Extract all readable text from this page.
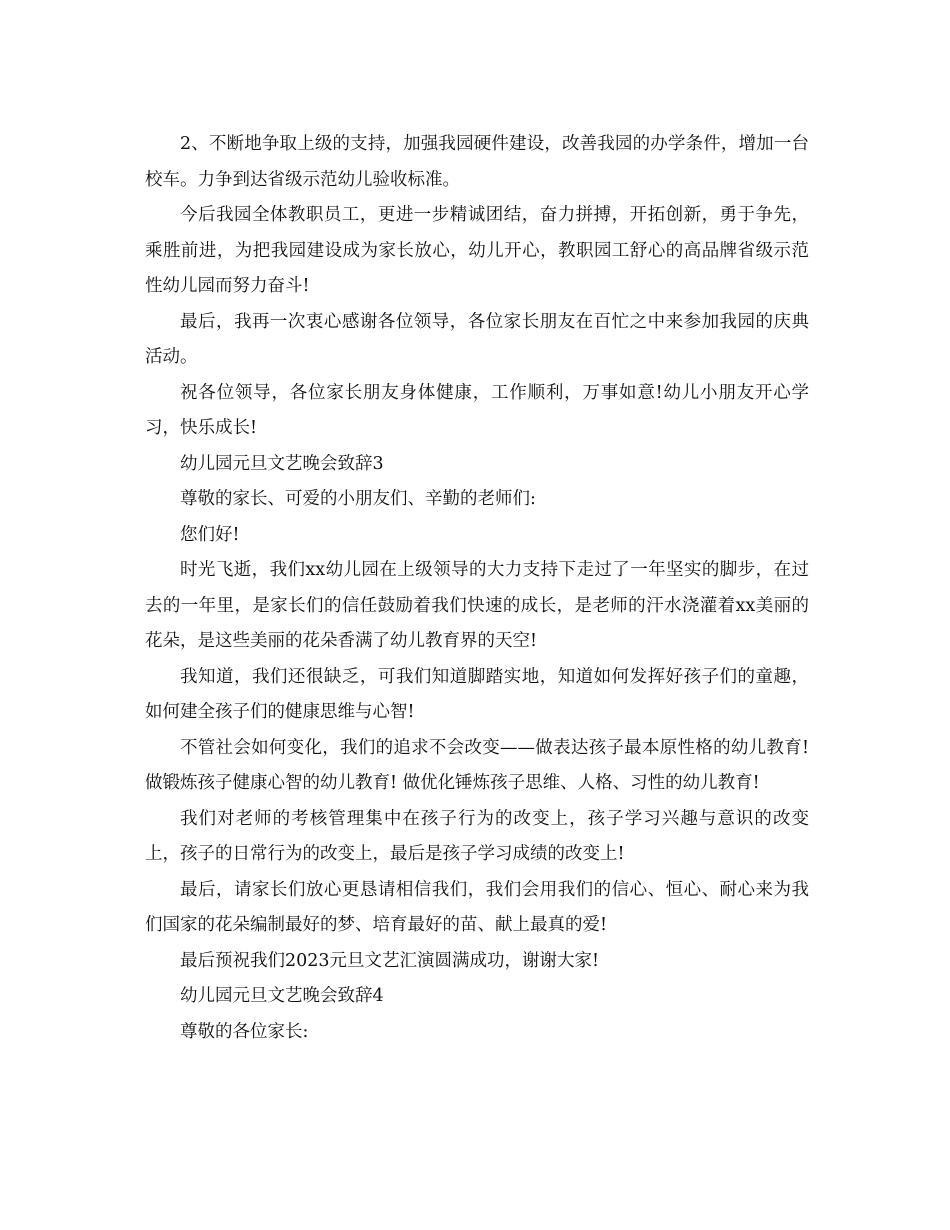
2、不断地争取上级的支持，加强我园硬件建设，改善我园的办学条件，增加一台校车。力争到达省级示范幼儿验收标准。

今后我园全体教职员工，更进一步精诚团结，奋力拼搏，开拓创新，勇于争先，乘胜前进，为把我园建设成为家长放心，幼儿开心，教职园工舒心的高品牌省级示范性幼儿园而努力奋斗!

最后，我再一次衷心感谢各位领导，各位家长朋友在百忙之中来参加我园的庆典活动。

祝各位领导，各位家长朋友身体健康，工作顺利，万事如意!幼儿小朋友开心学习，快乐成长!

幼儿园元旦文艺晚会致辞3

尊敬的家长、可爱的小朋友们、辛勤的老师们:

您们好!

时光飞逝，我们xx幼儿园在上级领导的大力支持下走过了一年坚实的脚步，在过去的一年里，是家长们的信任鼓励着我们快速的成长，是老师的汗水浇灌着xx美丽的花朵，是这些美丽的花朵香满了幼儿教育界的天空!

我知道，我们还很缺乏，可我们知道脚踏实地，知道如何发挥好孩子们的童趣，如何建全孩子们的健康思维与心智!

不管社会如何变化，我们的追求不会改变——做表达孩子最本原性格的幼儿教育!做锻炼孩子健康心智的幼儿教育! 做优化锤炼孩子思维、人格、习性的幼儿教育!

我们对老师的考核管理集中在孩子行为的改变上，孩子学习兴趣与意识的改变上，孩子的日常行为的改变上，最后是孩子学习成绩的改变上!

最后，请家长们放心更恳请相信我们，我们会用我们的信心、恒心、耐心来为我们国家的花朵编制最好的梦、培育最好的苗、献上最真的爱!

最后预祝我们2023元旦文艺汇演圆满成功，谢谢大家!

幼儿园元旦文艺晚会致辞4

尊敬的各位家长:
